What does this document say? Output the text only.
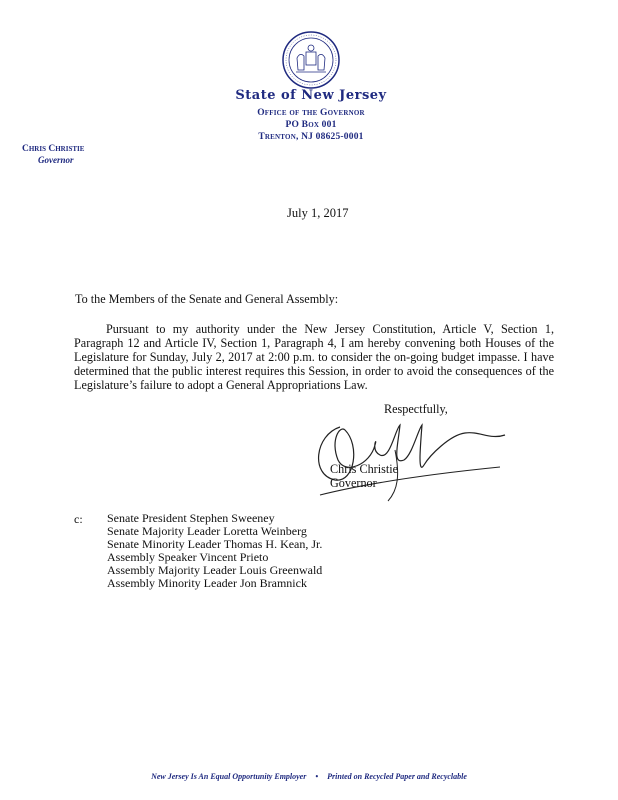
State of New Jersey
Office of the Governor
PO Box 001
Trenton, NJ 08625-0001
Chris Christie
Governor
July 1, 2017
To the Members of the Senate and General Assembly:
Pursuant to my authority under the New Jersey Constitution, Article V, Section 1, Paragraph 12 and Article IV, Section 1, Paragraph 4, I am hereby convening both Houses of the Legislature for Sunday, July 2, 2017 at 2:00 p.m. to consider the on-going budget impasse. I have determined that the public interest requires this Session, in order to avoid the consequences of the Legislature’s failure to adopt a General Appropriations Law.
Respectfully,
Chris Christie
Governor
c: Senate President Stephen Sweeney
Senate Majority Leader Loretta Weinberg
Senate Minority Leader Thomas H. Kean, Jr.
Assembly Speaker Vincent Prieto
Assembly Majority Leader Louis Greenwald
Assembly Minority Leader Jon Bramnick
New Jersey Is An Equal Opportunity Employer • Printed on Recycled Paper and Recyclable
